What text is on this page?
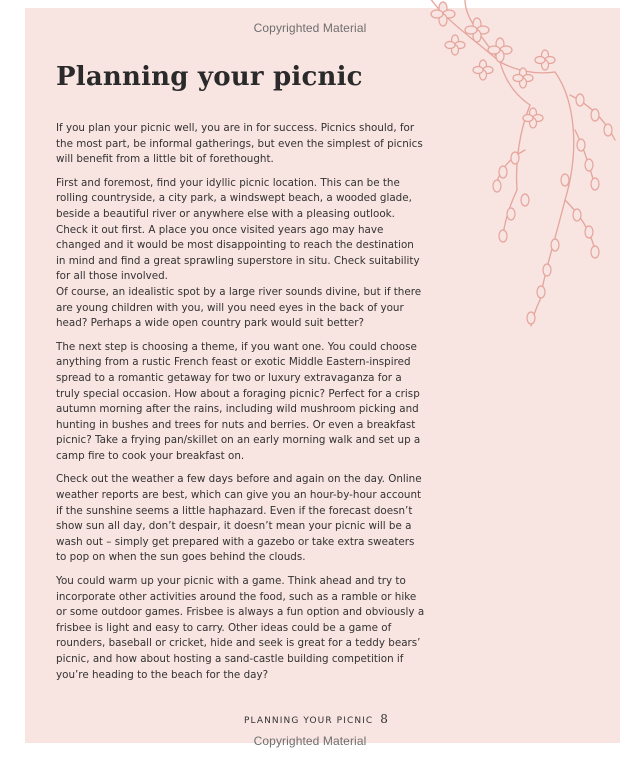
Copyrighted Material
Planning your picnic

If you plan your picnic well, you are in for success. Picnics should, for the most part, be informal gatherings, but even the simplest of picnics will benefit from a little bit of forethought.

First and foremost, find your idyllic picnic location. This can be the rolling countryside, a city park, a windswept beach, a wooded glade, beside a beautiful river or anywhere else with a pleasing outlook. Check it out first. A place you once visited years ago may have changed and it would be most disappointing to reach the destination in mind and find a great sprawling superstore in situ. Check suitability for all those involved.

Of course, an idealistic spot by a large river sounds divine, but if there are young children with you, will you need eyes in the back of your head? Perhaps a wide open country park would suit better?

The next step is choosing a theme, if you want one. You could choose anything from a rustic French feast or exotic Middle Eastern-inspired spread to a romantic getaway for two or luxury extravaganza for a truly special occasion. How about a foraging picnic? Perfect for a crisp autumn morning after the rains, including wild mushroom picking and hunting in bushes and trees for nuts and berries. Or even a breakfast picnic? Take a frying pan/skillet on an early morning walk and set up a camp fire to cook your breakfast on.

Check out the weather a few days before and again on the day. Online weather reports are best, which can give you an hour-by-hour account if the sunshine seems a little haphazard. Even if the forecast doesn’t show sun all day, don’t despair, it doesn’t mean your picnic will be a wash out – simply get prepared with a gazebo or take extra sweaters to pop on when the sun goes behind the clouds.

You could warm up your picnic with a game. Think ahead and try to incorporate other activities around the food, such as a ramble or hike or some outdoor games. Frisbee is always a fun option and obviously a frisbee is light and easy to carry. Other ideas could be a game of rounders, baseball or cricket, hide and seek is great for a teddy bears’ picnic, and how about hosting a sand-castle building competition if you’re heading to the beach for the day?

PLANNING YOUR PICNIC 8
Copyrighted Material
